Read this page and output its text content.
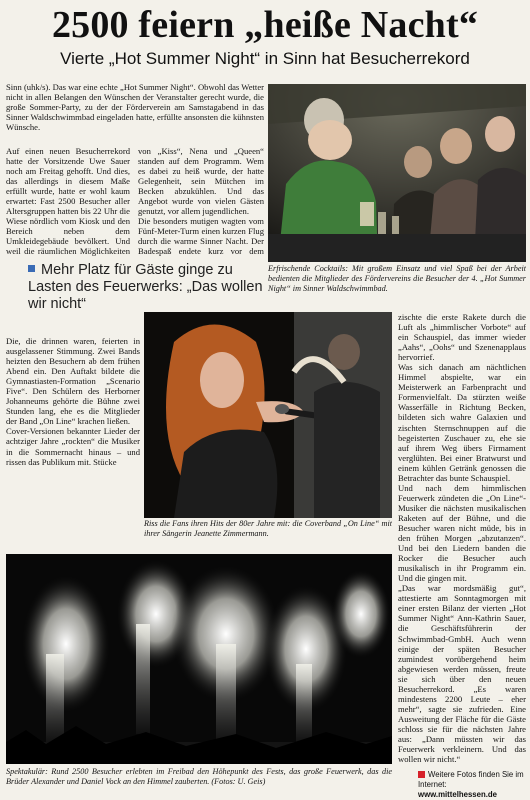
2500 feiern „heiße Nacht“
Vierte „Hot Summer Night“ in Sinn hat Besucherrekord

Sinn (uhk/s). Das war eine echte „Hot Summer Night“. Obwohl das Wetter nicht in allen Belangen den Wünschen der Veranstalter gerecht wurde, die große Sommer-Party, zu der der Förderverein am Samstagabend in das Sinner Waldschwimmbad eingeladen hatte, erfüllte ansonsten die kühnsten Wünsche.

Auf einen neuen Besucherrekord hatte der Vorsitzende Uwe Sauer noch am Freitag gehofft. Und dies, das allerdings in diesem Maße erfüllt wurde, hatte er wohl kaum erwartet: Fast 2500 Besucher aller Altersgruppen hatten bis 22 Uhr die Wiese nördlich vom Kiosk und den Bereich neben dem Umkleidegebäude bevölkert. Und weil die räumlichen Möglichkeiten

von „Kiss“, Nena und „Queen“ standen auf dem Programm. Wem es dabei zu heiß wurde, der hatte Gelegenheit, sein Mütchen im Becken abzukühlen. Und das Angebot wurde von vielen Gästen genutzt, vor allem jugendlichen.
Die besonders mutigen wagten vom Fünf-Meter-Turm einen kurzen Flug durch die warme Sinner Nacht. Der Badespaß endete kurz vor dem

Mehr Platz für Gäste ginge zu Lasten des Feuerwerks: „Das wollen wir nicht“

Die, die drinnen waren, feierten in ausgelassener Stimmung. Zwei Bands heizten den Besuchern ab dem frühen Abend ein. Den Auftakt bildete die Gymnastiasten-Formation „Scenario Five“. Den Schülern des Herborner Johanneums gehörte die Bühne zwei Stunden lang, ehe es die Mitglieder der Band „On Line“ krachen ließen.
Cover-Versionen bekannter Lieder der achtziger Jahre „rockten“ die Musiker in die Sommernacht hinaus – und rissen das Publikum mit. Stücke

Erfrischende Cocktails: Mit großem Einsatz und viel Spaß bei der Arbeit bedienten die Mitglieder des Fördervereins die Besucher der 4. „Hot Summer Night“ im Sinner Waldschwimmbad.
Riss die Fans ihren Hits der 80er Jahre mit: die Coverband „On Line“ mit ihrer Sängerin Jeanette Zimmermann.

zischte die erste Rakete durch die Luft als „himmlischer Vorbote“ auf ein Schauspiel, das immer wieder „Aahs“, „Oohs“ und Szenenapplaus hervorrief.
Was sich danach am nächtlichen Himmel abspielte, war ein Meisterwerk an Farbenpracht und Formenvielfalt. Da stürzten weiße Wasserfälle in Richtung Becken, bildeten sich wahre Galaxien und zischten Sternschnuppen auf die begeisterten Zuschauer zu, ehe sie auf ihrem Weg übers Firmament verglühten. Bei einer Bratwurst und einem kühlen Getränk genossen die Betrachter das bunte Schauspiel.
Und nach dem himmlischen Feuerwerk zündeten die „On Line“-Musiker die nächsten musikalischen Raketen auf der Bühne, und die Besucher waren nicht müde, bis in den frühen Morgen „abzutanzen“. Und bei den Liedern banden die Rocker die Besucher auch musikalisch in ihr Programm ein. Und die gingen mit.
„Das war mordsmäßig gut“, attestierte am Sonntagmorgen mit einer ersten Bilanz der vierten „Hot Summer Night“ Ann-Kathrin Sauer, die Geschäftsführerin der Schwimmbad-GmbH. Auch wenn einige der späten Besucher zumindest vorübergehend heim abgewiesen werden müssen, freute sie sich über den neuen Besucherrekord. „Es waren mindestens 2200 Leute – eher mehr“, sagte sie zufrieden. Eine Ausweitung der Fläche für die Gäste schloss sie für die nächsten Jahre aus: „Dann müssten wir das Feuerwerk verkleinern. Und das wollen wir nicht.“

Spektakulär: Rund 2500 Besucher erlebten im Freibad den Höhepunkt des Fests, das große Feuerwerk, das die Brüder Alexander und Daniel Vock an den Himmel zauberten. (Fotos: U. Geis)
Weitere Fotos finden Sie im Internet:
www.mittelhessen.de
